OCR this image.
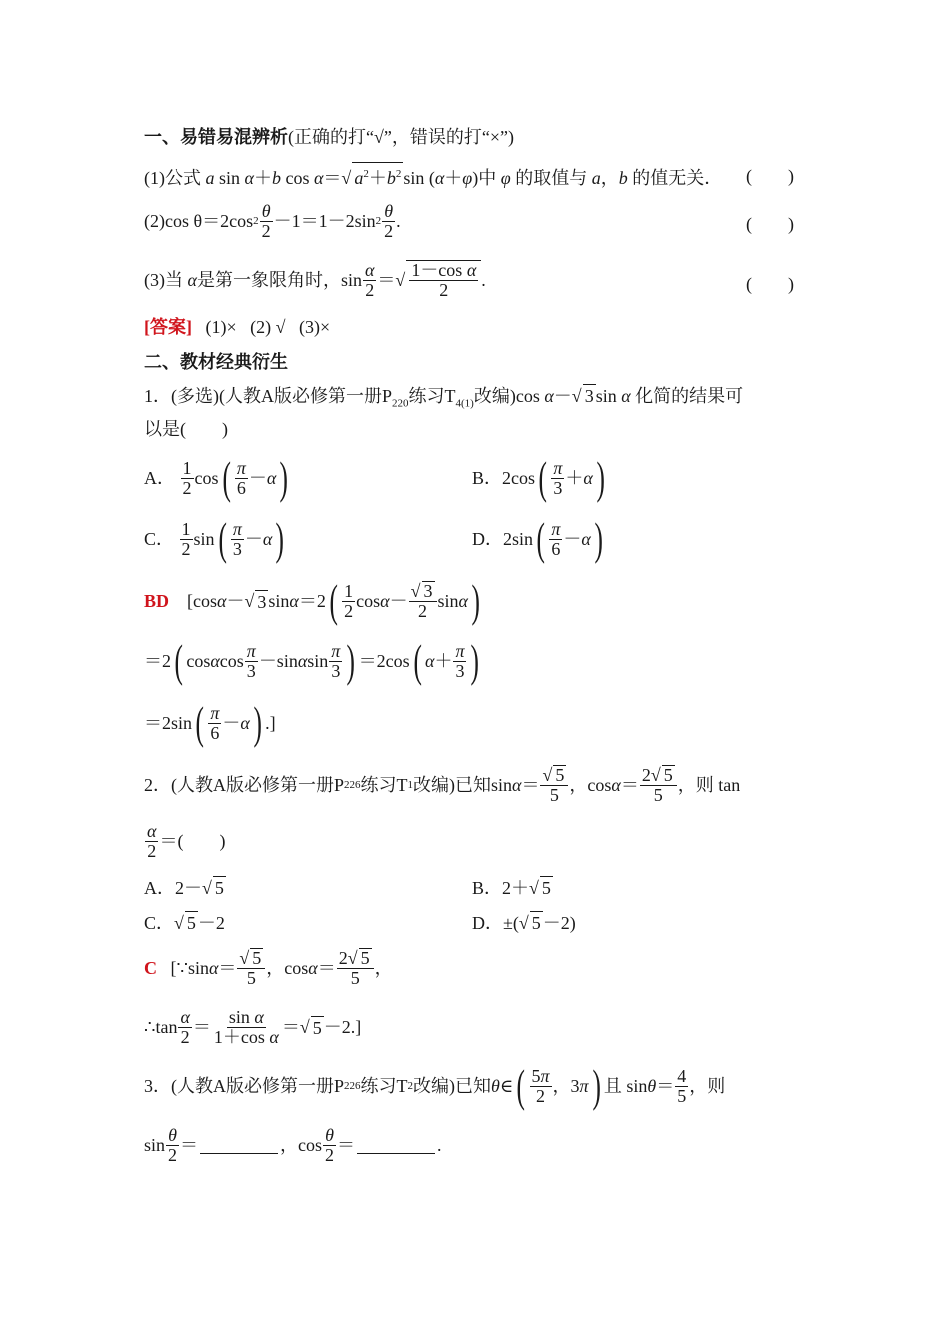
一、易错易混辨析(正确的打“√”，错误的打“×”)
(1)公式 a sin α＋b cos α＝√ $a^2+b^2$ sin (α＋φ)中 φ 的取值与 a，b 的值无关． (　　)
(2) cos θ＝2cos $2 \frac{\theta}{2} -1=1-2\sin$ $2 \frac{\theta}{2}$ .	(　　)
(3) 当
α 是第一象限角时，$\sin \frac{\alpha}{2}$ ＝ √ $\frac{\text{1－cos α}}{2}$ .	(　　)
[答案] (1)× (2) √ (3)×
二、教材经典衍生
1．(多选)(人教A版必修第一册$P_{220}$练习$T_{4(1)}$改编)cos α－√ 3 sin α 化简的结果可
以是(　　)
A． $\frac{1}{2}$ cos ( $\frac{\pi}{6} - \alpha$ )	B．2cos ( $\frac{\pi}{3} + \alpha$ )
C． $\frac{1}{2}$ sin ( $\frac{\pi}{3} - \alpha$ )	D．2sin ( $\frac{\pi}{6} - \alpha$ )
BD [cos α － √ 3 sin α ＝2 ( $\frac{1}{2}$ $\cos \alpha - \frac{√ 3}{2}$ sin α )
＝2 ( cos α $\cos \frac{\pi}{3} -\sin$ α $\sin \frac{\pi}{3}$ ) ＝2cos ( $\alpha + \frac{\pi}{3}$ )
＝2sin ( $\frac{\pi}{6} - \alpha$ ) .]
2． (人教A版必修第一册P 226 练习T 1 改编) 已知 $\sin \alpha = \frac{√ 5}{5}$ ，$\cos \alpha = \frac{2√ 5}{5}$ ，则 tan
$\frac{\alpha}{2}$ ＝(　　)
A．2－√ 5	B．2＋√ 5
C．√ 5 －2	D．±(√ 5 －2)
C [∵sin $\alpha = \frac{√ 5}{5}$ ，$\cos \alpha = \frac{2√ 5}{5}$ ，
∴tan $\frac{\alpha}{2} = \frac{\text{sin α}}{\text{1＋cos α}}$ ＝ √ 5 －2.]
3． (人教A版必修第一册P 226 练习T 2 改编) 已知 θ ∈ ( $\frac{5\pi}{2}$ ，3 π ) 且 $\sin \theta = \frac{4}{5}$ ，则
$\sin \frac{\theta}{2}$ ＝	，$\cos \frac{\theta}{2}$ ＝	.
